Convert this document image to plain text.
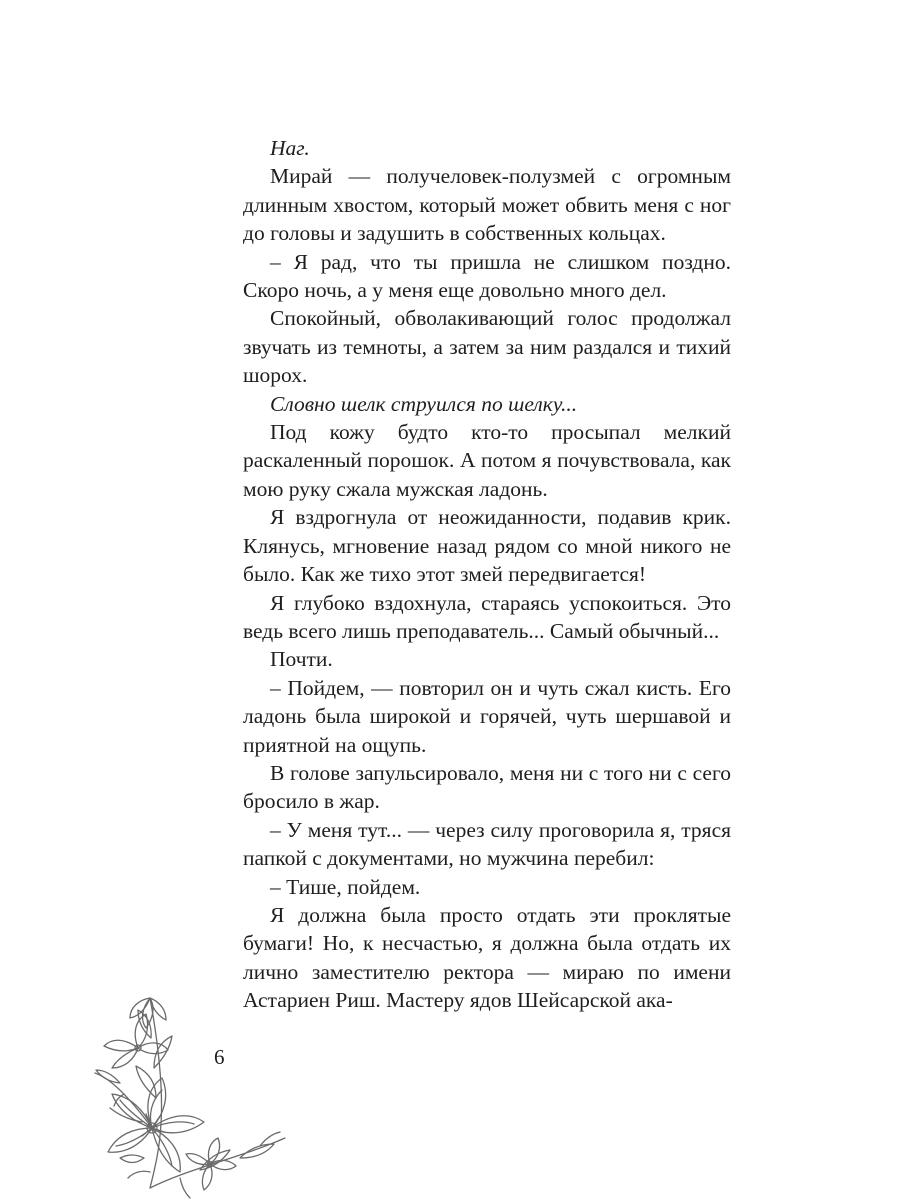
Наг.

Мирай — получеловек-полузмей с огромным длинным хвостом, который может обвить меня с ног до головы и задушить в собственных кольцах.

– Я рад, что ты пришла не слишком поздно. Скоро ночь, а у меня еще довольно много дел.

Спокойный, обволакивающий голос продолжал звучать из темноты, а затем за ним раздался и тихий шорох.

Словно шелк струился по шелку...

Под кожу будто кто-то просыпал мелкий раскаленный порошок. А потом я почувствовала, как мою руку сжала мужская ладонь.

Я вздрогнула от неожиданности, подавив крик. Клянусь, мгновение назад рядом со мной никого не было. Как же тихо этот змей передвигается!

Я глубоко вздохнула, стараясь успокоиться. Это ведь всего лишь преподаватель... Самый обычный...

Почти.

– Пойдем, — повторил он и чуть сжал кисть. Его ладонь была широкой и горячей, чуть шершавой и приятной на ощупь.

В голове запульсировало, меня ни с того ни с сего бросило в жар.

– У меня тут... — через силу проговорила я, тряся папкой с документами, но мужчина перебил:

– Тише, пойдем.

Я должна была просто отдать эти проклятые бумаги! Но, к несчастью, я должна была отдать их лично заместителю ректора — мираю по имени Астариен Риш. Мастеру ядов Шейсарской ака-

6
